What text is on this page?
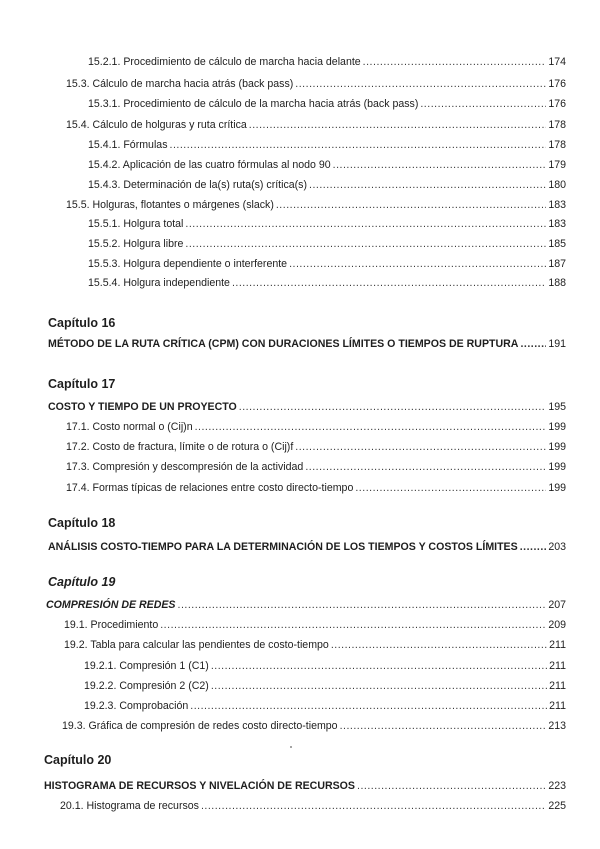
15.2.1. Procedimiento de cálculo de marcha hacia delante .....	174
15.3. Cálculo de marcha hacia atrás (back pass) .....	176
15.3.1. Procedimiento de cálculo de la marcha hacia atrás (back pass) .....	176
15.4. Cálculo de holguras y ruta crítica .....	178
15.4.1. Fórmulas .....	178
15.4.2. Aplicación de las cuatro fórmulas al nodo 90 .....	179
15.4.3. Determinación de la(s) ruta(s) crítica(s) .....	180
15.5. Holguras, flotantes o márgenes (slack) .....	183
15.5.1. Holgura total .....	183
15.5.2. Holgura libre .....	185
15.5.3. Holgura dependiente o interferente .....	187
15.5.4. Holgura independiente .....	188
Capítulo 16
MÉTODO DE LA RUTA CRÍTICA (CPM) CON DURACIONES LÍMITES O TIEMPOS DE RUPTURA .....	191
Capítulo 17
COSTO Y TIEMPO DE UN PROYECTO .....	195
17.1. Costo normal o (Cij)n .....	199
17.2. Costo de fractura, límite o de rotura o (Cij)f .....	199
17.3. Compresión y descompresión de la actividad .....	199
17.4. Formas típicas de relaciones entre costo directo-tiempo .....	199
Capítulo 18
ANÁLISIS COSTO-TIEMPO PARA LA DETERMINACIÓN DE LOS TIEMPOS Y COSTOS LÍMITES .....	203
Capítulo 19
COMPRESIÓN DE REDES .....	207
19.1. Procedimiento .....	209
19.2. Tabla para calcular las pendientes de costo-tiempo .....	211
19.2.1. Compresión 1 (C1) .....	211
19.2.2. Compresión 2 (C2) .....	211
19.2.3. Comprobación .....	211
19.3. Gráfica de compresión de redes costo directo-tiempo .....	213
Capítulo 20
HISTOGRAMA DE RECURSOS Y NIVELACIÓN DE RECURSOS .....	223
20.1. Histograma de recursos .....	225
